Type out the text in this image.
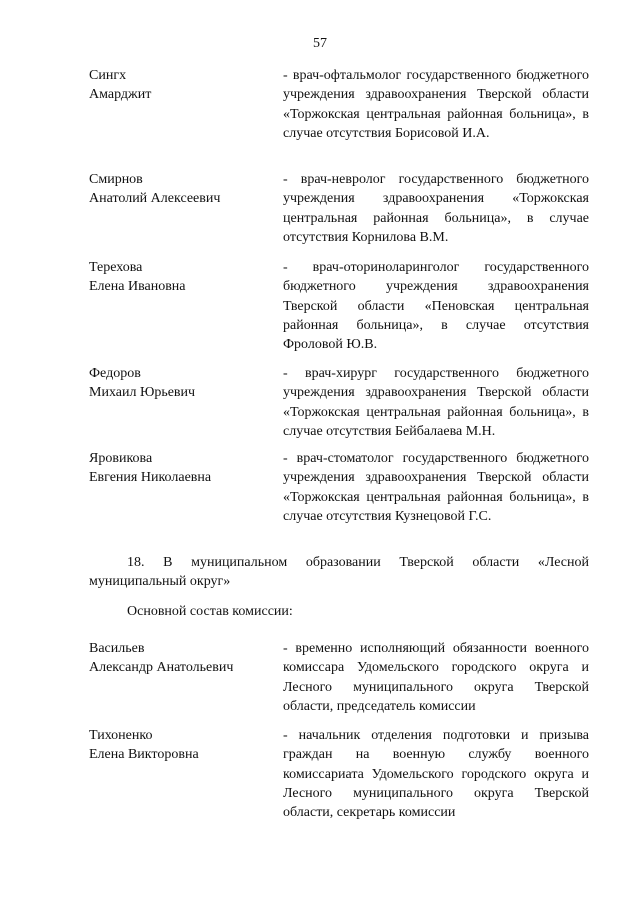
57
Сингх
Амарджит
- врач-офтальмолог государственного бюджетного учреждения здравоохранения Тверской области «Торжокская центральная районная больница», в случае отсутствия Борисовой И.А.
Смирнов
Анатолий Алексеевич
- врач-невролог государственного бюджетного учреждения здравоохранения «Торжокская центральная районная больница», в случае отсутствия Корнилова В.М.
Терехова
Елена Ивановна
- врач-оториноларинголог государственного бюджетного учреждения здравоохранения Тверской области «Пеновская центральная районная больница», в случае отсутствия Фроловой Ю.В.
Федоров
Михаил Юрьевич
- врач-хирург государственного бюджетного учреждения здравоохранения Тверской области «Торжокская центральная районная больница», в случае отсутствия Бейбалаева М.Н.
Яровикова
Евгения Николаевна
- врач-стоматолог государственного бюджетного учреждения здравоохранения Тверской области «Торжокская центральная районная больница», в случае отсутствия Кузнецовой Г.С.
18. В муниципальном образовании Тверской области «Лесной муниципальный округ»
Основной состав комиссии:
Васильев
Александр Анатольевич
- временно исполняющий обязанности военного комиссара Удомельского городского округа и Лесного муниципального округа Тверской области, председатель комиссии
Тихоненко
Елена Викторовна
- начальник отделения подготовки и призыва граждан на военную службу военного комиссариата Удомельского городского округа и Лесного муниципального округа Тверской области, секретарь комиссии
